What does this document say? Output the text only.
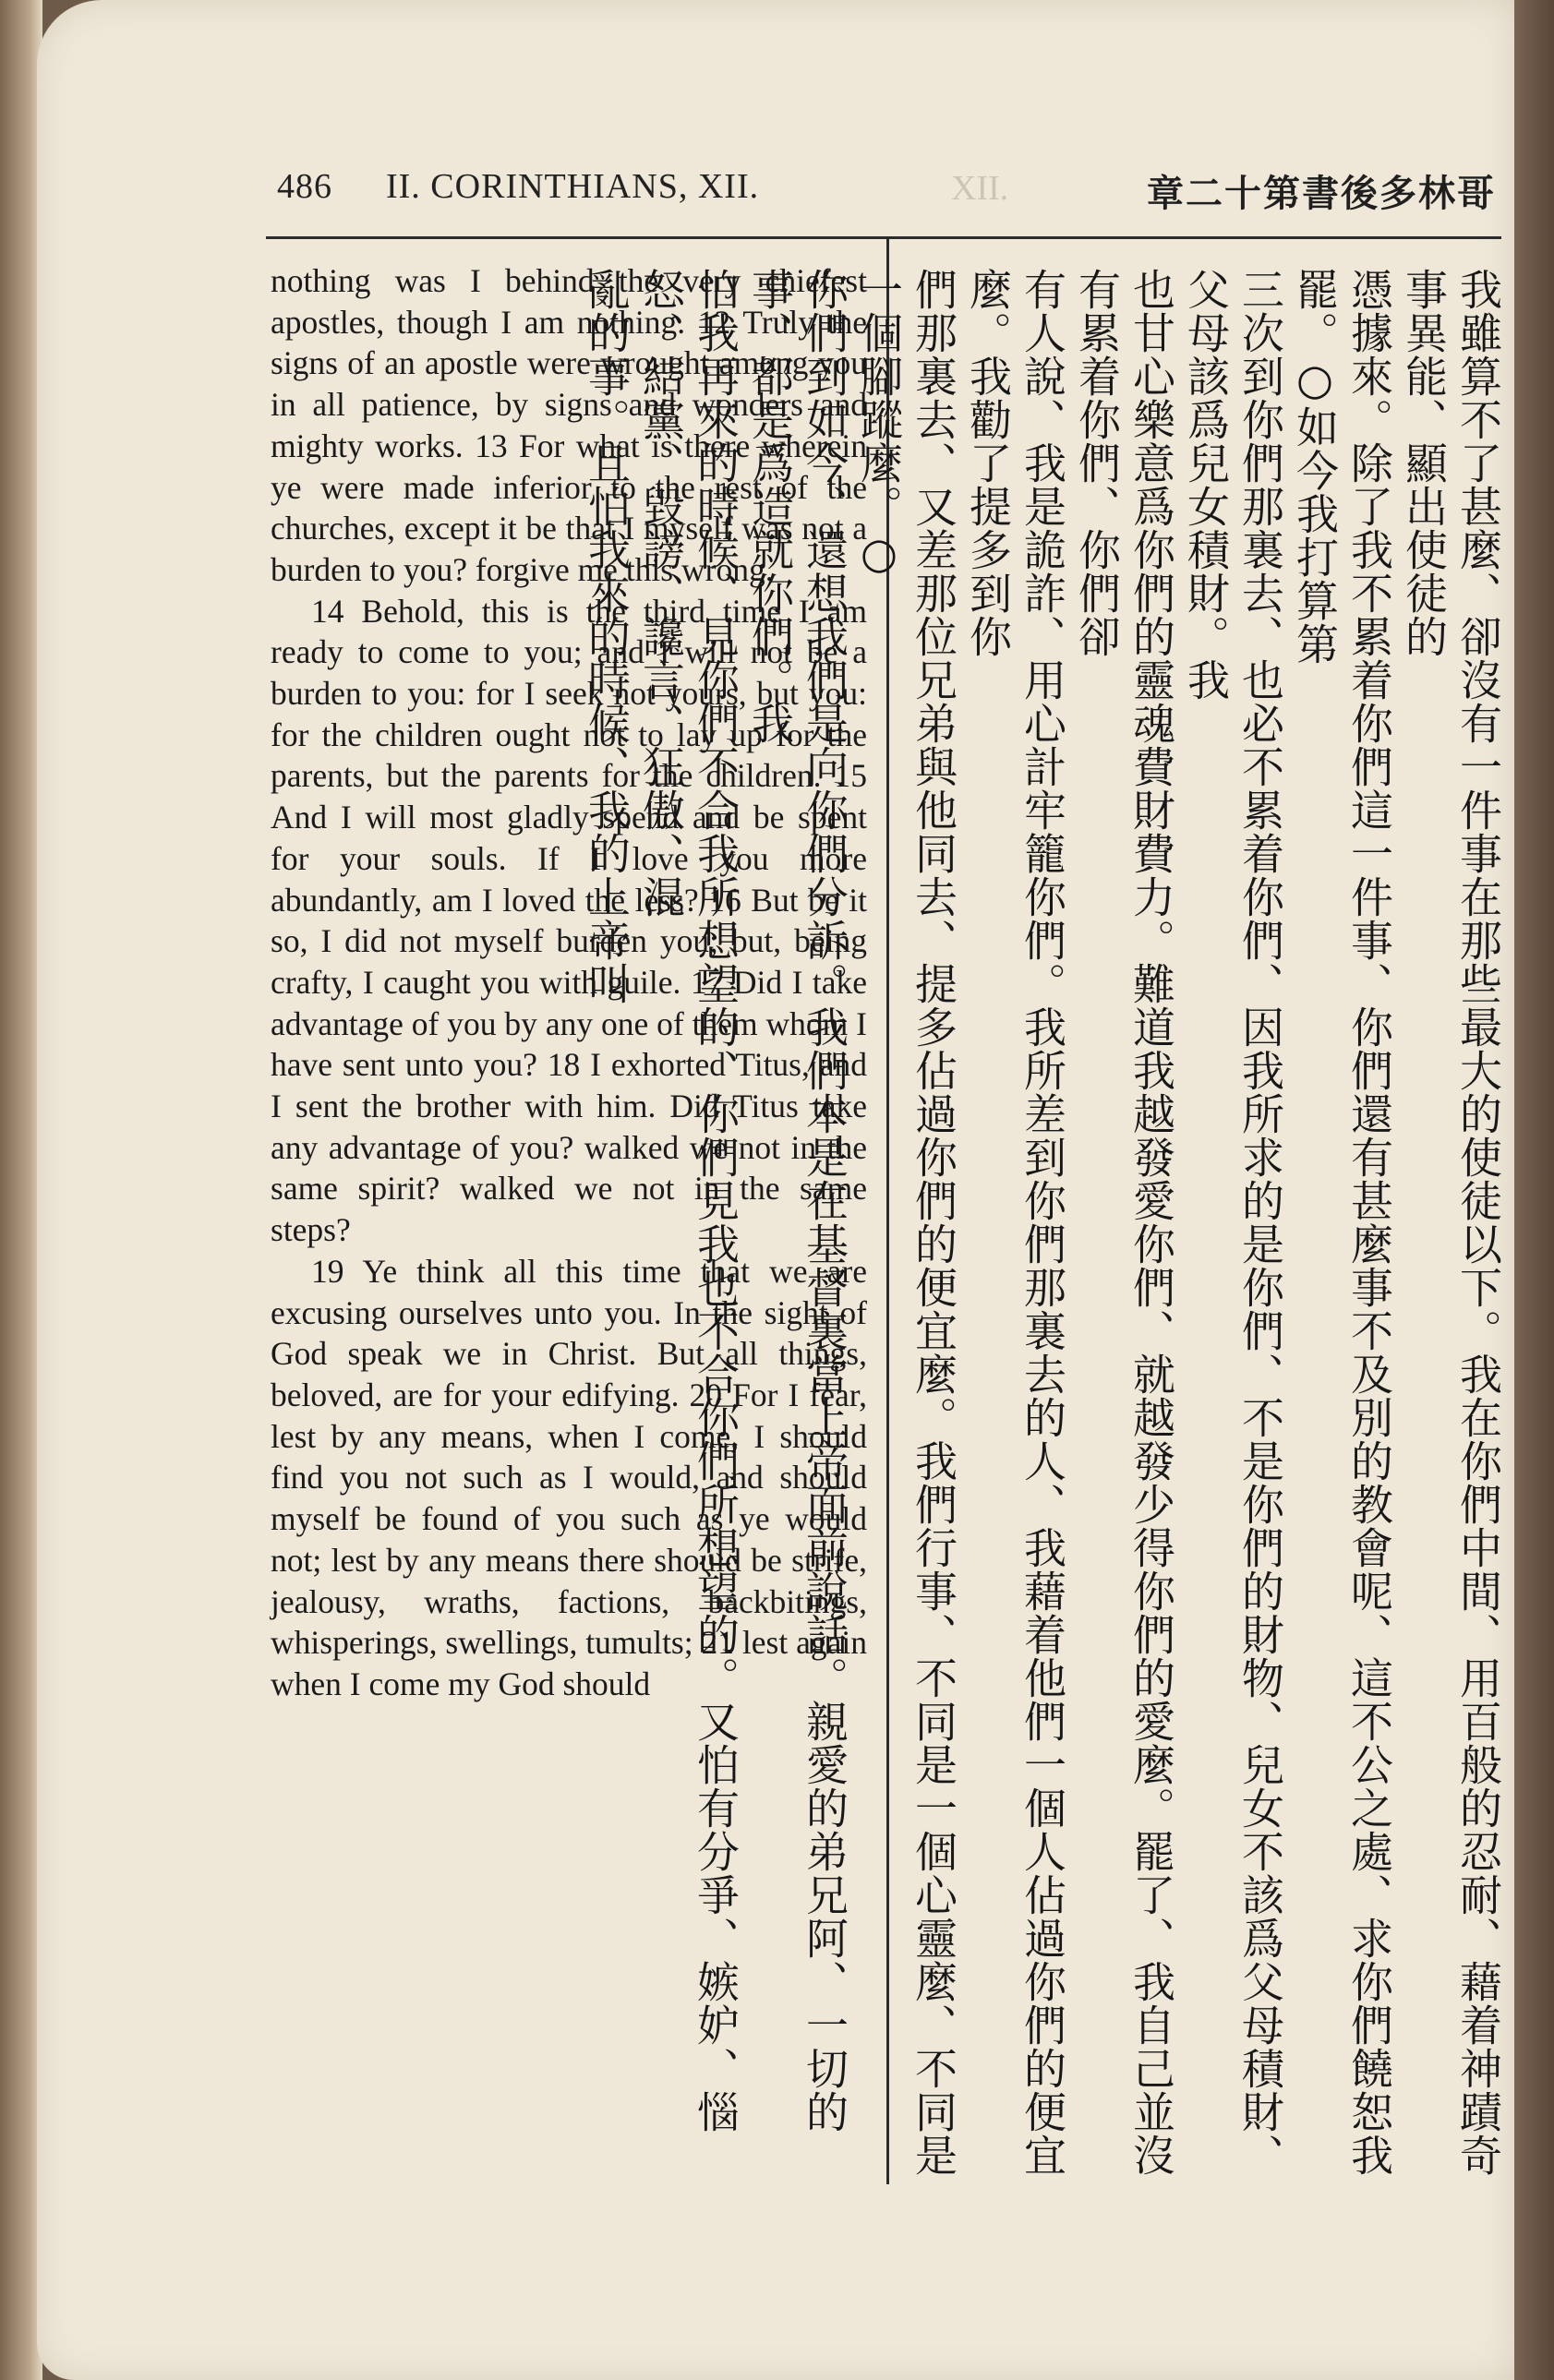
486 II. CORINTHIANS, XII.	XII.	章二十第書後多林哥

nothing was I behind the very chiefest apostles, though I am nothing. 12 Truly the signs of an apostle were wrought among you in all patience, by signs and wonders and mighty works. 13 For what is there wherein ye were made inferior to the rest of the churches, except it be that I myself was not a burden to you? forgive me this wrong.

14 Behold, this is the third time I am ready to come to you; and I will not be a burden to you: for I seek not yours, but you: for the children ought not to lay up for the parents, but the parents for the children. 15 And I will most gladly spend and be spent for your souls. If I love you more abundantly, am I loved the less? 16 But be it so, I did not myself burden you; but, being crafty, I caught you with guile. 17 Did I take advantage of you by any one of them whom I have sent unto you? 18 I exhorted Titus, and I sent the brother with him. Did Titus take any advantage of you? walked we not in the same spirit? walked we not in the same steps?

19 Ye think all this time that we are excusing ourselves unto you. In the sight of God speak we in Christ. But all things, beloved, are for your edifying. 20 For I fear, lest by any means, when I come, I should find you not such as I would, and should myself be found of you such as ye would not; lest by any means there should be strife, jealousy, wraths, factions, backbitings, whisperings, swellings, tumults; 21 lest again when I come my God should	我雖算不了甚麼、卻沒有一件事在那些最大的使徒以下。我在你們中間、用百般的忍耐、藉着神蹟奇事異能、顯出使徒的
憑據來。除了我不累着你們這一件事、你們還有甚麼事不及別的教會呢、這不公之處、求你們饒恕我罷。○如今我打算第
三次到你們那裏去、也必不累着你們、因我所求的是你們、不是你們的財物、兒女不該爲父母積財、父母該爲兒女積財。我
也甘心樂意爲你們的靈魂費財費力。難道我越發愛你們、就越發少得你們的愛麼。罷了、我自己並沒有累着你們、你們卻
有人說、我是詭詐、用心計牢籠你們。我所差到你們那裏去的人、我藉着他們一個人佔過你們的便宜麼。我勸了提多到你
們那裏去、又差那位兄弟與他同去、提多佔過你們的便宜麼。我們行事、不同是一個心靈麼、不同是一個腳蹤麼。○
你們到如今、還想我們是向你們分訴。我們本是在基督裏當上帝面前說話。親愛的弟兄阿、一切的事、都是爲造就你們。我
怕我再來的時候、見你們不合我所想望的、你們見我也不合你們所想望的。又怕有分爭、嫉妒、惱怒、結黨、毀謗、讒言、狂傲、混
亂的事。且怕我來的時候、我的上帝叫
